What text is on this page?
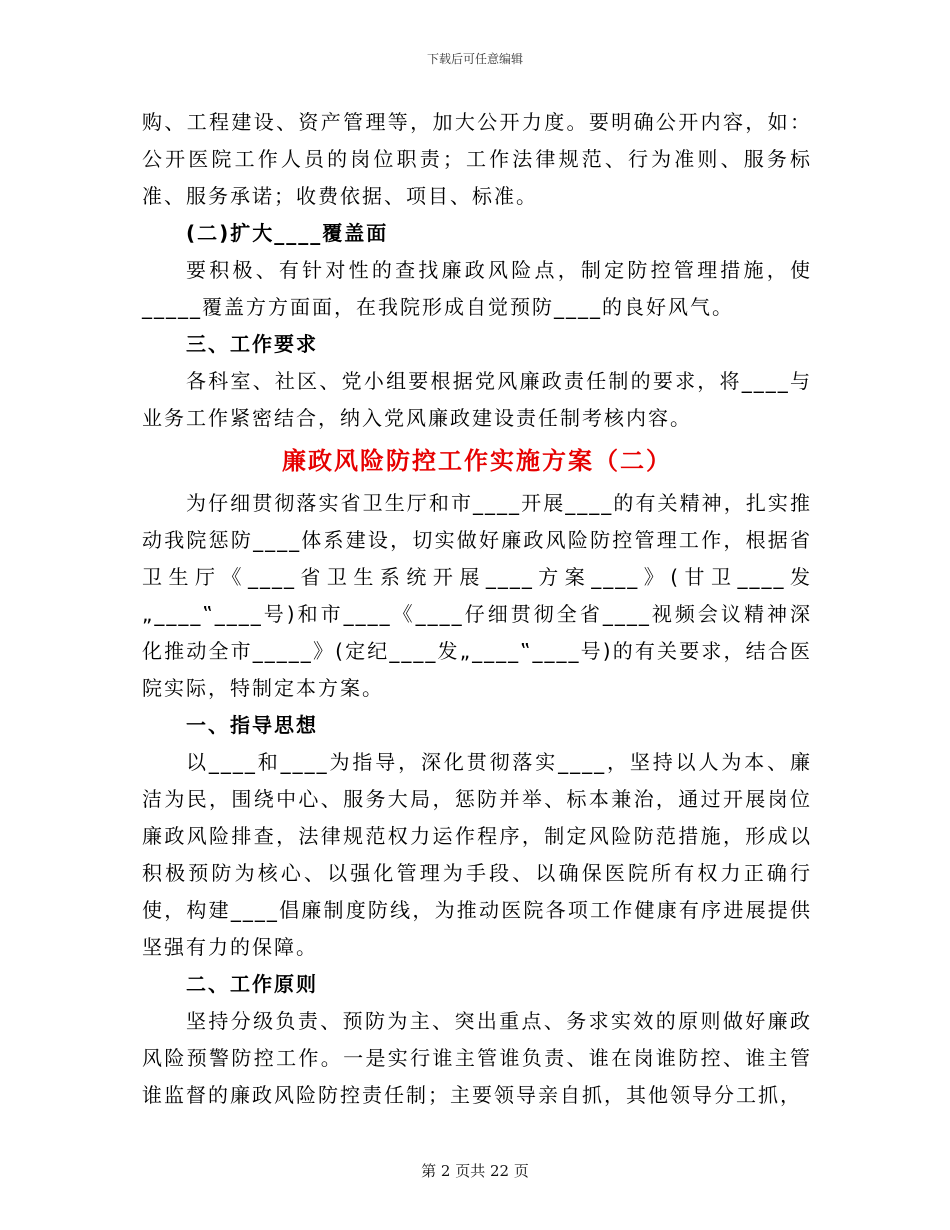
下载后可任意编辑

购、工程建设、资产管理等，加大公开力度。要明确公开内容，如：公开医院工作人员的岗位职责；工作法律规范、行为准则、服务标准、服务承诺；收费依据、项目、标准。

(二)扩大____覆盖面

要积极、有针对性的查找廉政风险点，制定防控管理措施，使_____覆盖方方面面，在我院形成自觉预防____的良好风气。

三、工作要求

各科室、社区、党小组要根据党风廉政责任制的要求，将____与业务工作紧密结合，纳入党风廉政建设责任制考核内容。

廉政风险防控工作实施方案（二）

为仔细贯彻落实省卫生厅和市____开展____的有关精神，扎实推动我院惩防____体系建设，切实做好廉政风险防控管理工作，根据省卫生厅《____省卫生系统开展____方案____》(甘卫____发„____‟____号)和市____《____仔细贯彻全省____视频会议精神深化推动全市_____》(定纪____发„____‟____号)的有关要求，结合医院实际，特制定本方案。

一、指导思想

以____和____为指导，深化贯彻落实____，坚持以人为本、廉洁为民，围绕中心、服务大局，惩防并举、标本兼治，通过开展岗位廉政风险排查，法律规范权力运作程序，制定风险防范措施，形成以积极预防为核心、以强化管理为手段、以确保医院所有权力正确行使，构建____倡廉制度防线，为推动医院各项工作健康有序进展提供坚强有力的保障。

二、工作原则

坚持分级负责、预防为主、突出重点、务求实效的原则做好廉政风险预警防控工作。一是实行谁主管谁负责、谁在岗谁防控、谁主管谁监督的廉政风险防控责任制；主要领导亲自抓，其他领导分工抓，

第 2 页共 22 页
